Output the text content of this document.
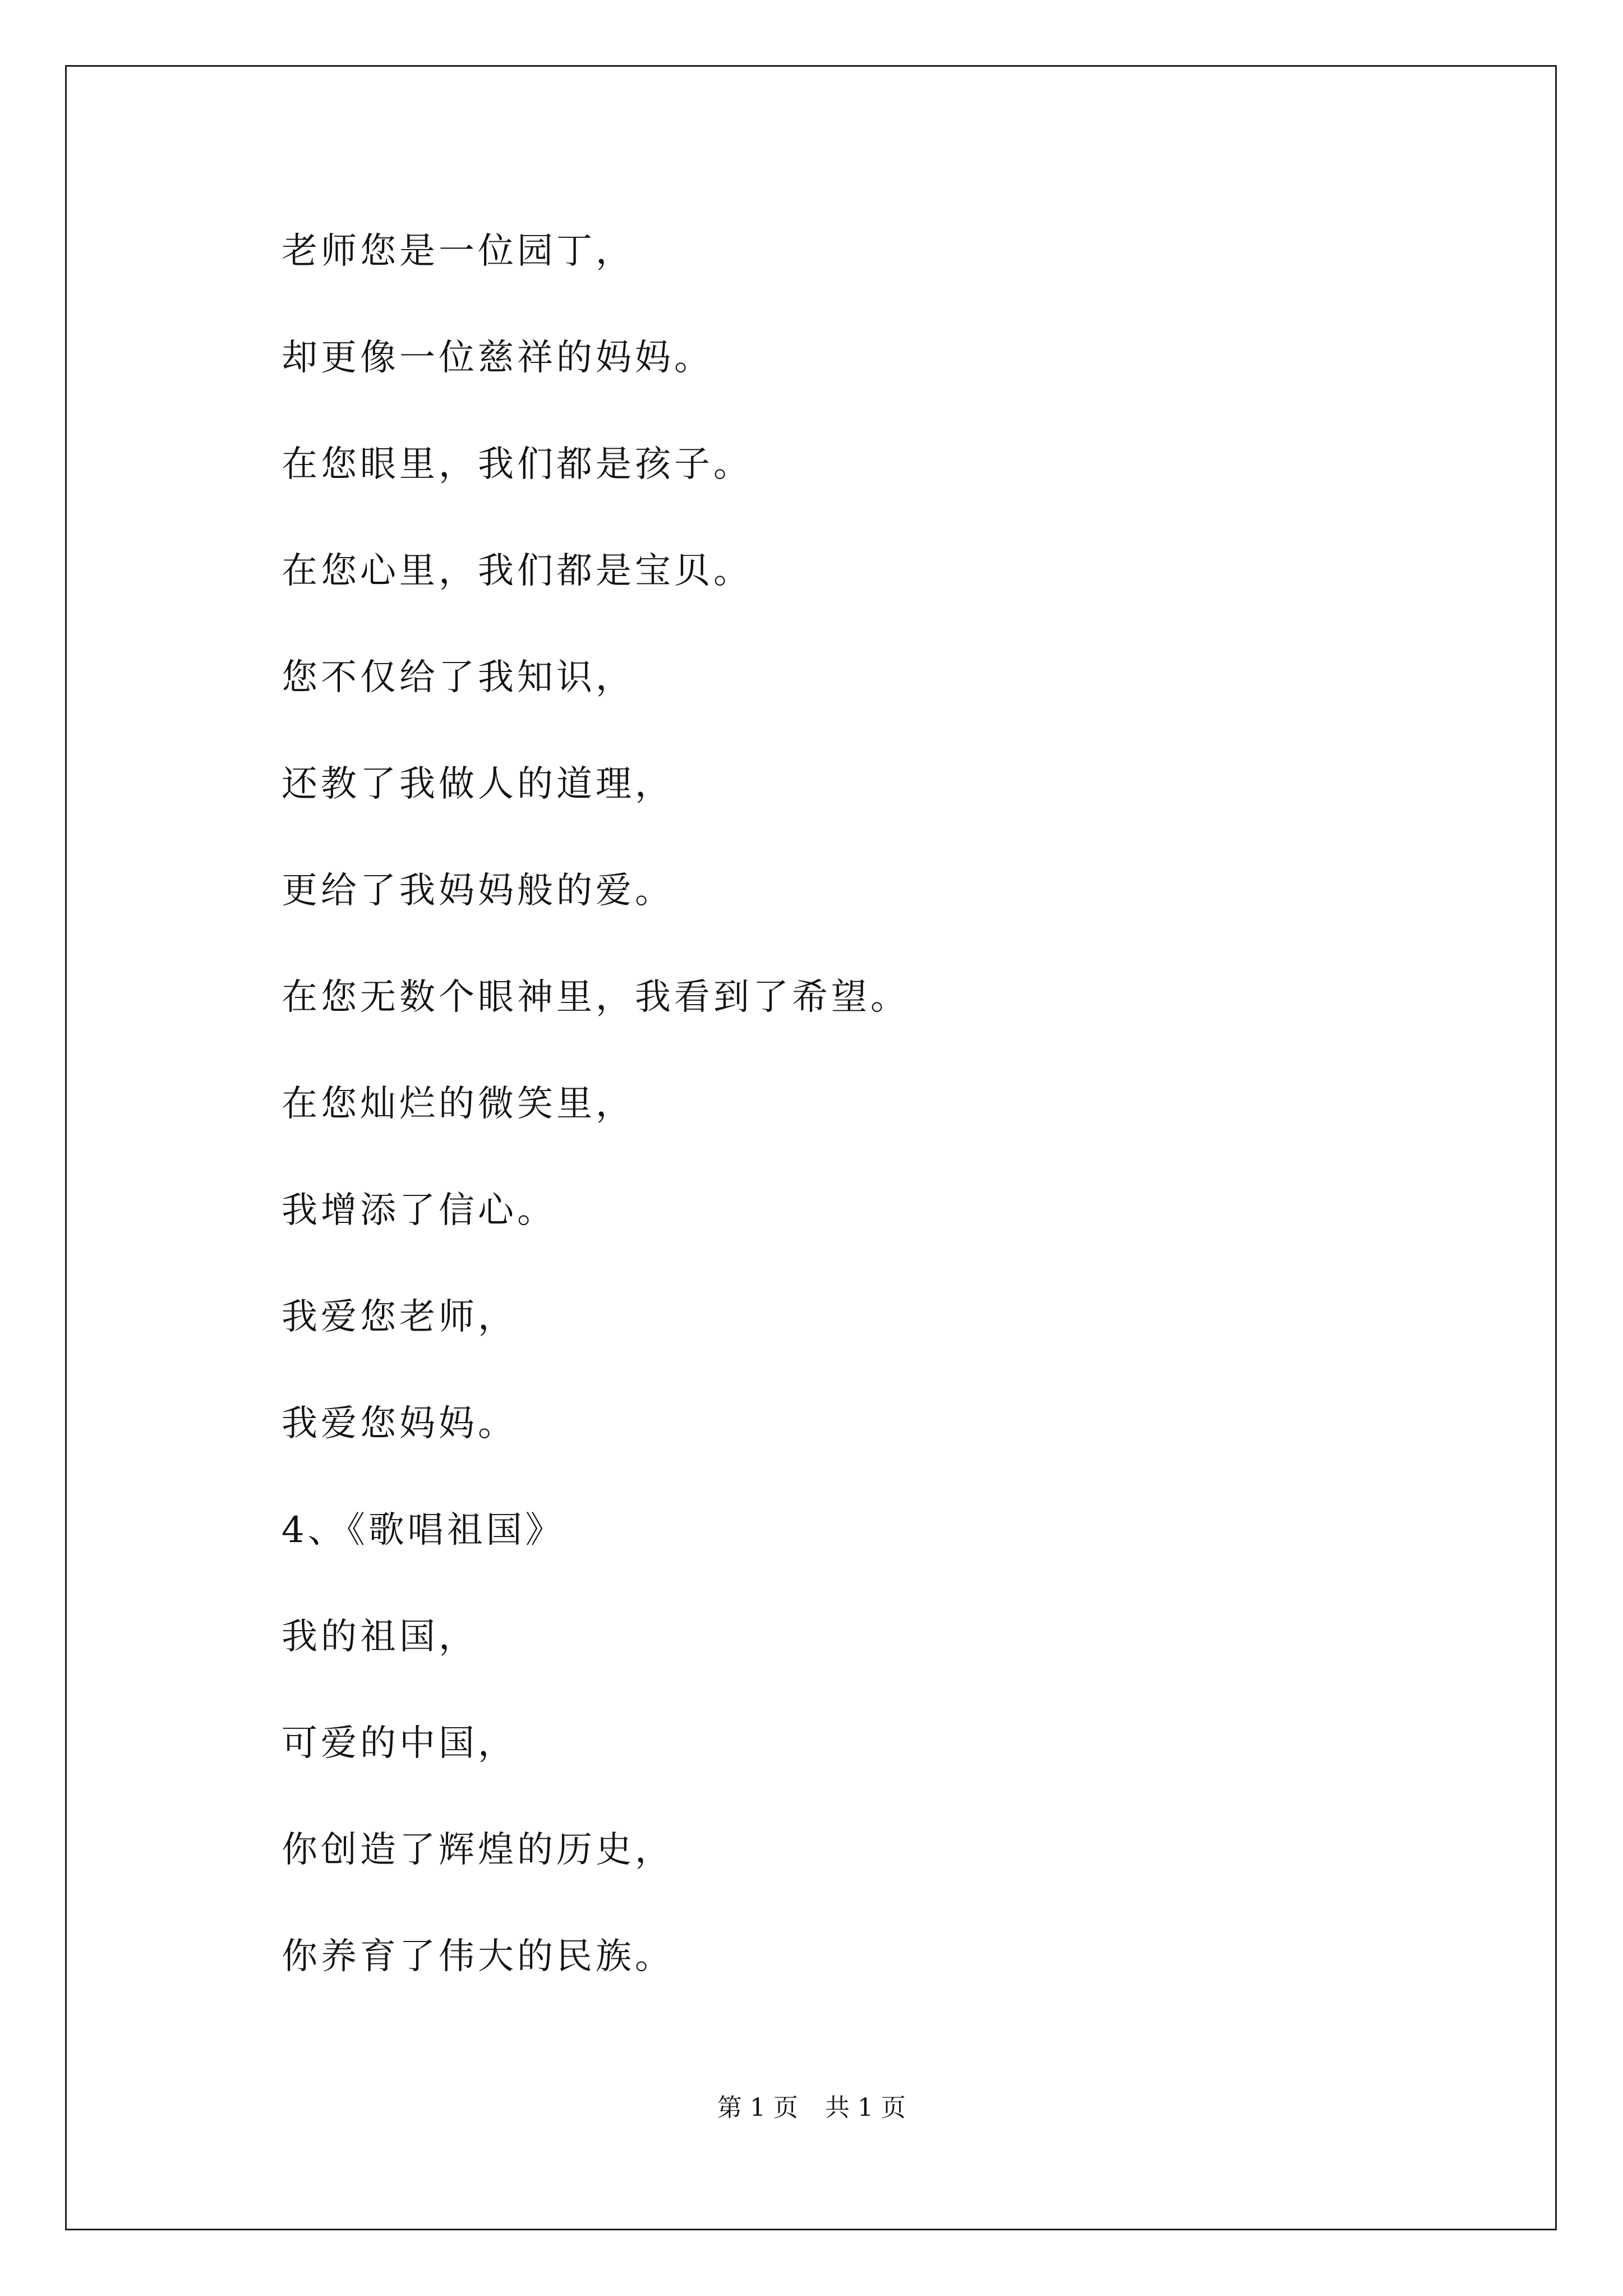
老师您是一位园丁，
却更像一位慈祥的妈妈。
在您眼里，我们都是孩子。
在您心里，我们都是宝贝。
您不仅给了我知识，
还教了我做人的道理，
更给了我妈妈般的爱。
在您无数个眼神里，我看到了希望。
在您灿烂的微笑里，
我增添了信心。
我爱您老师，
我爱您妈妈。
4、《歌唱祖国》
我的祖国，
可爱的中国，
你创造了辉煌的历史，
你养育了伟大的民族。
第 1 页 共 1 页
